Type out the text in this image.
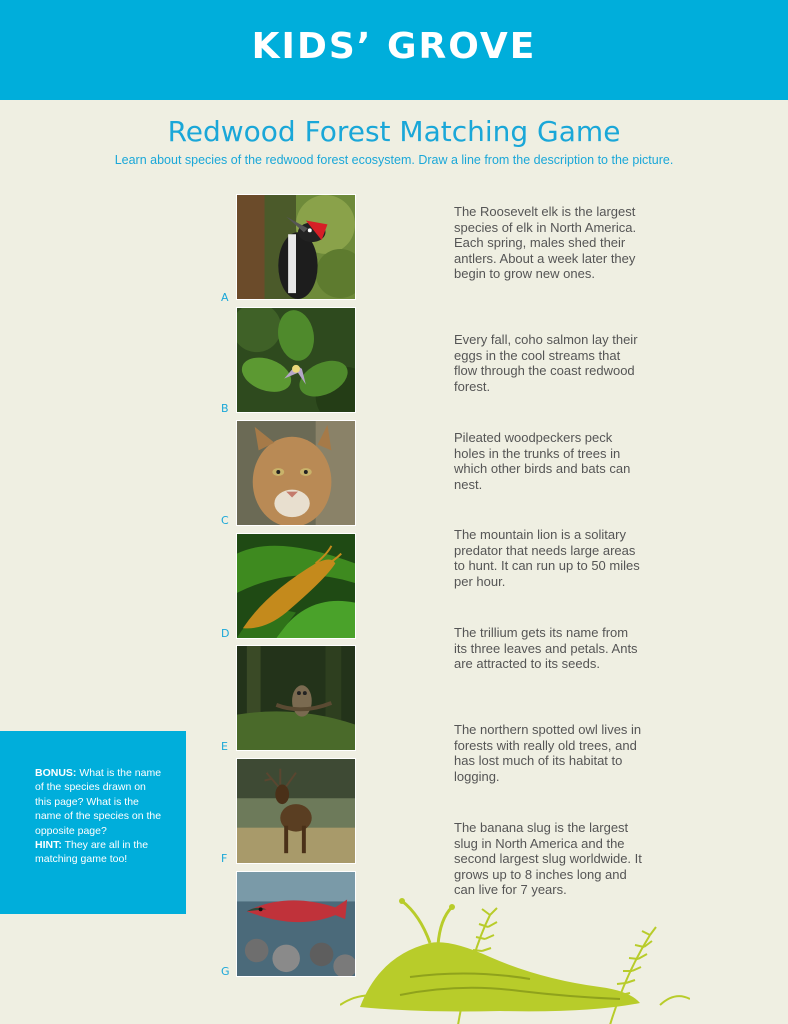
KIDS’ GROVE
Redwood Forest Matching Game
Learn about species of the redwood forest ecosystem. Draw a line from the description to the picture.
A
B
C
D
E
F
G
The Roosevelt elk is the largest species of elk in North America. Each spring, males shed their antlers. About a week later they begin to grow new ones.
Every fall, coho salmon lay their eggs in the cool streams that flow through the coast redwood forest.
Pileated woodpeckers peck holes in the trunks of trees in which other birds and bats can nest.
The mountain lion is a solitary predator that needs large areas to hunt. It can run up to 50 miles per hour.
The trillium gets its name from its three leaves and petals. Ants are attracted to its seeds.
The northern spotted owl lives in forests with really old trees, and has lost much of its habitat to logging.
The banana slug is the largest slug in North America and the second largest slug worldwide. It grows up to 8 inches long and can live for 7 years.
BONUS: What is the name of the species drawn on this page? What is the name of the species on the opposite page?
HINT: They are all in the matching game too!
